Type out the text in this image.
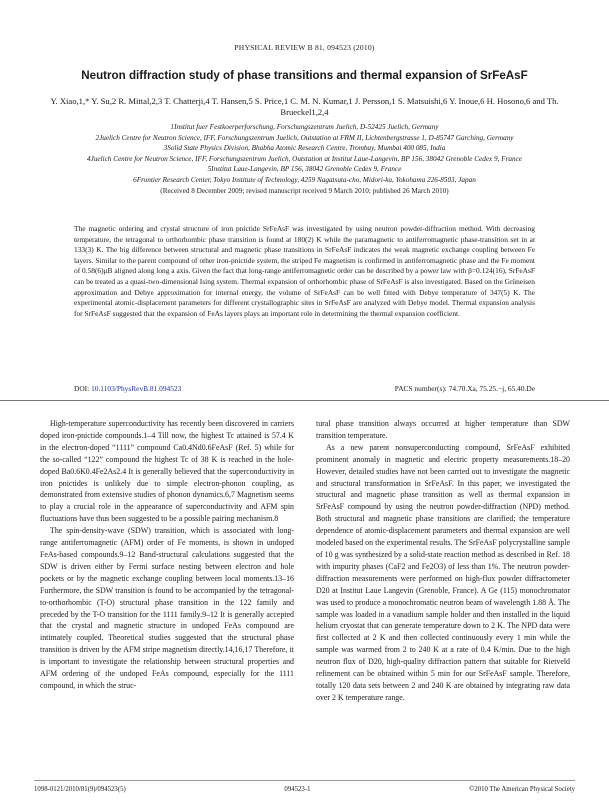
PHYSICAL REVIEW B 81, 094523 (2010)
Neutron diffraction study of phase transitions and thermal expansion of SrFeAsF
Y. Xiao,1,* Y. Su,2 R. Mittal,2,3 T. Chatterji,4 T. Hansen,5 S. Price,1 C. M. N. Kumar,1 J. Persson,1 S. Matsuishi,6 Y. Inoue,6 H. Hosono,6 and Th. Brueckel1,2,4
1Institut fuer Festkoerperforschung, Forschungszentrum Juelich, D-52425 Juelich, Germany
2Juelich Centre for Neutron Science, IFF, Forschungszentrum Juelich, Outstation at FRM II, Lichtenbergstrasse 1, D-85747 Garching, Germany
3Solid State Physics Division, Bhabha Atomic Research Centre, Trombay, Mumbai 400 085, India
4Juelich Centre for Neutron Science, IFF, Forschungszentrum Juelich, Outstation at Institut Laue-Langevin, BP 156, 38042 Grenoble Cedex 9, France
5Institut Laue-Langevin, BP 156, 38042 Grenoble Cedex 9, France
6Frontier Research Center, Tokyo Institute of Technology, 4259 Nagatsuta-cho, Midori-ku, Yokohama 226-8503, Japan
(Received 8 December 2009; revised manuscript received 9 March 2010; published 26 March 2010)
The magnetic ordering and crystal structure of iron pnictide SrFeAsF was investigated by using neutron powder-diffraction method. With decreasing temperature, the tetragonal to orthorhombic phase transition is found at 180(2) K while the paramagnetic to antiferromagnetic phase-transition set in at 133(3) K. The big difference between structural and magnetic phase transitions in SrFeAsF indicates the weak magnetic exchange coupling between Fe layers. Similar to the parent compound of other iron-pnictide system, the striped Fe magnetism is confirmed in antiferromagnetic phase and the Fe moment of 0.58(6)μB aligned along long a axis. Given the fact that long-range antiferromagnetic order can be described by a power law with β=0.124(16), SrFeAsF can be treated as a quasi-two-dimensional Ising system. Thermal expansion of orthorhombic phase of SrFeAsF is also investigated. Based on the Grüneisen approximation and Debye approximation for internal energy, the volume of SrFeAsF can be well fitted with Debye temperature of 347(5) K. The experimental atomic-displacement parameters for different crystallographic sites in SrFeAsF are analyzed with Debye model. Thermal expansion analysis for SrFeAsF suggested that the expansion of FeAs layers plays an important role in determining the thermal expansion coefficient.
DOI: 10.1103/PhysRevB.81.094523	PACS number(s): 74.70.Xa, 75.25.−j, 65.40.De

High-temperature superconductivity has recently been discovered in carriers doped iron-pnictide compounds.1–4 Till now, the highest Tc attained is 57.4 K in the electron-doped “1111” compound Ca0.4Nd0.6FeAsF (Ref. 5) while for the so-called “122” compound the highest Tc of 38 K is reached in the hole-doped Ba0.6K0.4Fe2As2.4 It is generally believed that the superconductivity in iron pnictides is unlikely due to simple electron-phonon coupling, as demonstrated from extensive studies of phonon dynamics.6,7 Magnetism seems to play a crucial role in the appearance of superconductivity and AFM spin fluctuations have thus been suggested to be a possible pairing mechanism.8

The spin-density-wave (SDW) transition, which is associated with long-range antiferromagnetic (AFM) order of Fe moments, is shown in undoped FeAs-based compounds.9–12 Band-structural calculations suggested that the SDW is driven either by Fermi surface nesting between electron and hole pockets or by the magnetic exchange coupling between local moments.13–16 Furthermore, the SDW transition is found to be accompanied by the tetragonal-to-orthorhombic (T-O) structural phase transition in the 122 family and preceded by the T-O transition for the 1111 family.9–12 It is generally accepted that the crystal and magnetic structure in undoped FeAs compound are intimately coupled. Theoretical studies suggested that the structural phase transition is driven by the AFM stripe magnetism directly.14,16,17 Therefore, it is important to investigate the relationship between structural properties and AFM ordering of the undoped FeAs compound, especially for the 1111 compound, in which the struc-

tural phase transition always occurred at higher temperature than SDW transition temperature.

As a new parent nonsuperconducting compound, SrFeAsF exhibited prominent anomaly in magnetic and electric property measurements.18–20 However, detailed studies have not been carried out to investigate the magnetic and structural transformation in SrFeAsF. In this paper, we investigated the structural and magnetic phase transition as well as thermal expansion in SrFeAsF compound by using the neutron powder-diffraction (NPD) method. Both structural and magnetic phase transitions are clarified; the temperature dependence of atomic-displacement parameters and thermal expansion are well modeled based on the experimental results. The SrFeAsF polycrystalline sample of 10 g was synthesized by a solid-state reaction method as described in Ref. 18 with impurity phases (CaF2 and Fe2O3) of less than 1%. The neutron powder-diffraction measurements were performed on high-flux powder diffractometer D20 at Institut Laue Langevin (Grenoble, France). A Ge (115) monochromator was used to produce a monochromatic neutron beam of wavelength 1.88 Å. The sample was loaded in a vanadium sample holder and then installed in the liquid helium cryostat that can generate temperature down to 2 K. The NPD data were first collected at 2 K and then collected continuously every 1 min while the sample was warmed from 2 to 240 K at a rate of 0.4 K/min. Due to the high neutron flux of D20, high-quality diffraction pattern that suitable for Rietveld refinement can be obtained within 5 min for our SrFeAsF sample. Therefore, totally 120 data sets between 2 and 240 K are obtained by integrating raw data over 2 K temperature range.

1098-0121/2010/81(9)/094523(5)	094523-1	©2010 The American Physical Society
